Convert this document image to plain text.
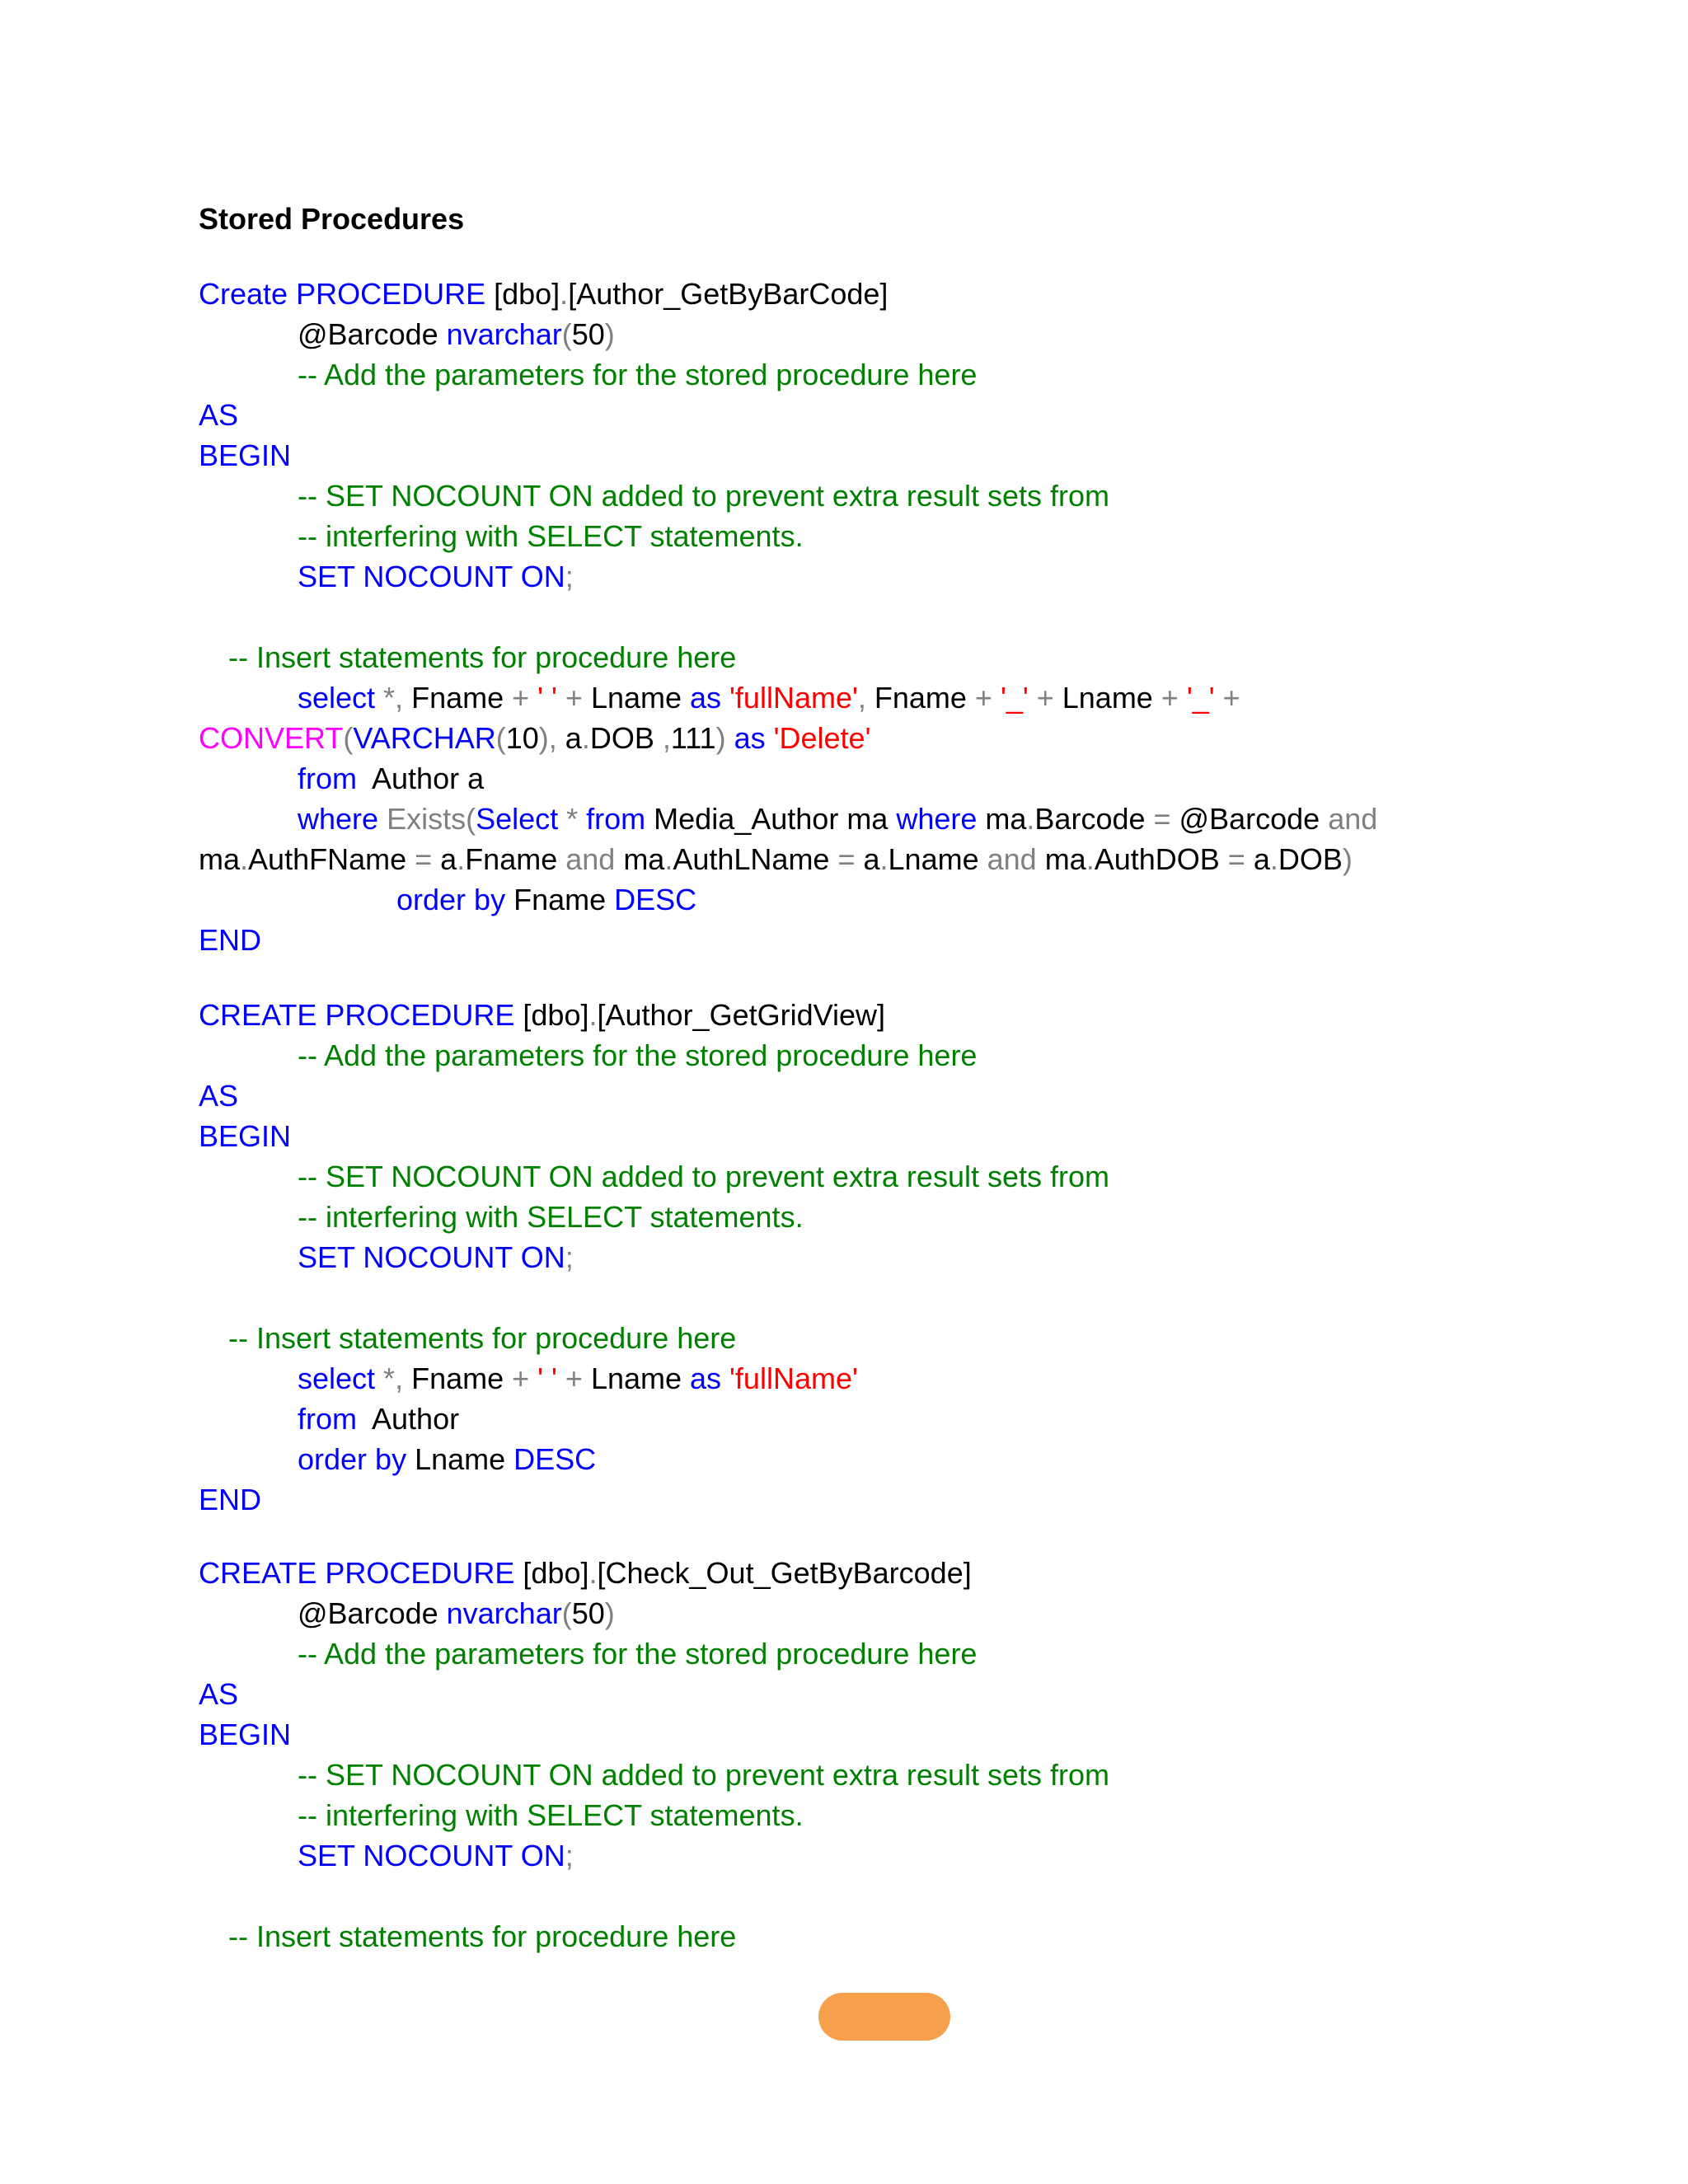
Stored Procedures
Create PROCEDURE [dbo].[Author_GetByBarCode]
@Barcode nvarchar(50)
-- Add the parameters for the stored procedure here
AS
BEGIN
-- SET NOCOUNT ON added to prevent extra result sets from
-- interfering with SELECT statements.
SET NOCOUNT ON;
-- Insert statements for procedure here
select *, Fname + ' ' + Lname as 'fullName', Fname + '_' + Lname + '_' +
CONVERT(VARCHAR(10), a.DOB ,111) as 'Delete'
from  Author a
where Exists(Select * from Media_Author ma where ma.Barcode = @Barcode and
ma.AuthFName = a.Fname and ma.AuthLName = a.Lname and ma.AuthDOB = a.DOB)
order by Fname DESC
END
CREATE PROCEDURE [dbo].[Author_GetGridView]
-- Add the parameters for the stored procedure here
AS
BEGIN
-- SET NOCOUNT ON added to prevent extra result sets from
-- interfering with SELECT statements.
SET NOCOUNT ON;
-- Insert statements for procedure here
select *, Fname + ' ' + Lname as 'fullName'
from  Author
order by Lname DESC
END
CREATE PROCEDURE [dbo].[Check_Out_GetByBarcode]
@Barcode nvarchar(50)
-- Add the parameters for the stored procedure here
AS
BEGIN
-- SET NOCOUNT ON added to prevent extra result sets from
-- interfering with SELECT statements.
SET NOCOUNT ON;
-- Insert statements for procedure here
